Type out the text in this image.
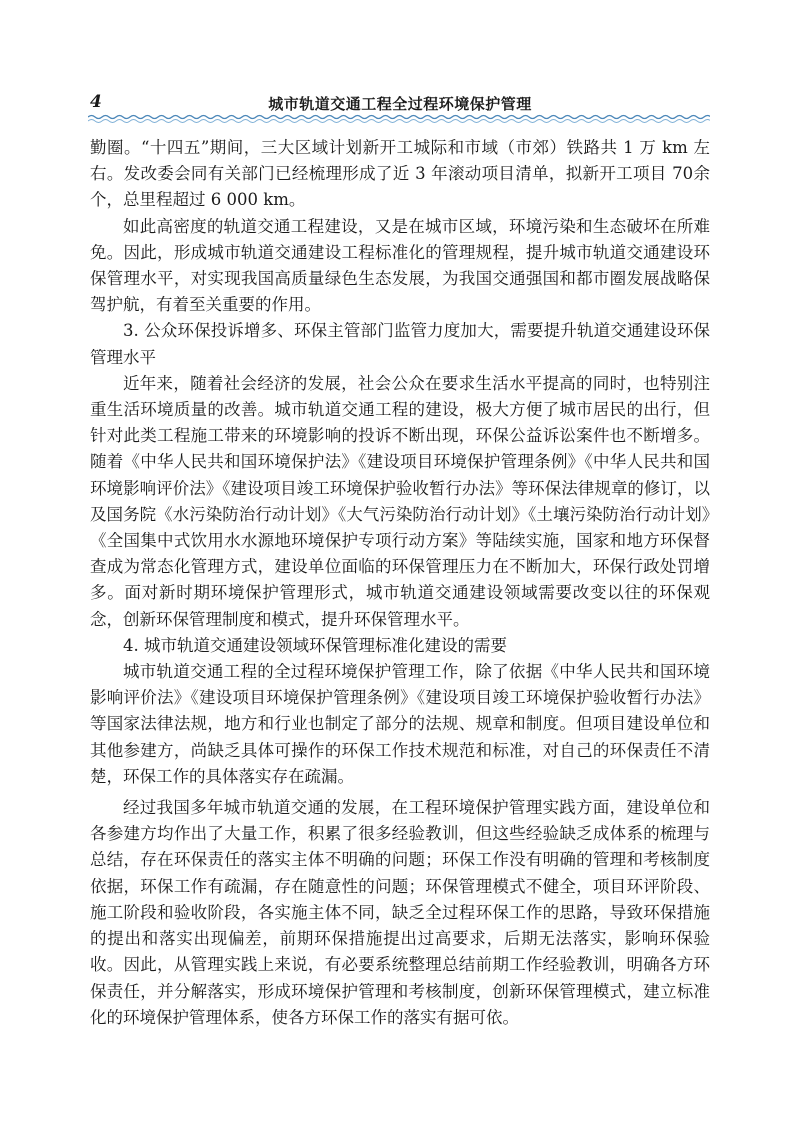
4	城市轨道交通工程全过程环境保护管理

勤圈。“十四五”期间，三大区域计划新开工城际和市域（市郊）铁路共 1 万 km 左右。发改委会同有关部门已经梳理形成了近 3 年滚动项目清单，拟新开工项目 70余个，总里程超过 6 000 km。

如此高密度的轨道交通工程建设，又是在城市区域，环境污染和生态破坏在所难免。因此，形成城市轨道交通建设工程标准化的管理规程，提升城市轨道交通建设环保管理水平，对实现我国高质量绿色生态发展，为我国交通强国和都市圈发展战略保驾护航，有着至关重要的作用。

3. 公众环保投诉增多、环保主管部门监管力度加大，需要提升轨道交通建设环保管理水平

近年来，随着社会经济的发展，社会公众在要求生活水平提高的同时，也特别注重生活环境质量的改善。城市轨道交通工程的建设，极大方便了城市居民的出行，但针对此类工程施工带来的环境影响的投诉不断出现，环保公益诉讼案件也不断增多。随着《中华人民共和国环境保护法》《建设项目环境保护管理条例》《中华人民共和国环境影响评价法》《建设项目竣工环境保护验收暂行办法》等环保法律规章的修订，以及国务院《水污染防治行动计划》《大气污染防治行动计划》《土壤污染防治行动计划》《全国集中式饮用水水源地环境保护专项行动方案》等陆续实施，国家和地方环保督查成为常态化管理方式，建设单位面临的环保管理压力在不断加大，环保行政处罚增多。面对新时期环境保护管理形式，城市轨道交通建设领域需要改变以往的环保观念，创新环保管理制度和模式，提升环保管理水平。

4. 城市轨道交通建设领域环保管理标准化建设的需要

城市轨道交通工程的全过程环境保护管理工作，除了依据《中华人民共和国环境影响评价法》《建设项目环境保护管理条例》《建设项目竣工环境保护验收暂行办法》等国家法律法规，地方和行业也制定了部分的法规、规章和制度。但项目建设单位和其他参建方，尚缺乏具体可操作的环保工作技术规范和标准，对自己的环保责任不清楚，环保工作的具体落实存在疏漏。

经过我国多年城市轨道交通的发展，在工程环境保护管理实践方面，建设单位和各参建方均作出了大量工作，积累了很多经验教训，但这些经验缺乏成体系的梳理与总结，存在环保责任的落实主体不明确的问题；环保工作没有明确的管理和考核制度依据，环保工作有疏漏，存在随意性的问题；环保管理模式不健全，项目环评阶段、施工阶段和验收阶段，各实施主体不同，缺乏全过程环保工作的思路，导致环保措施的提出和落实出现偏差，前期环保措施提出过高要求，后期无法落实，影响环保验收。因此，从管理实践上来说，有必要系统整理总结前期工作经验教训，明确各方环保责任，并分解落实，形成环境保护管理和考核制度，创新环保管理模式，建立标准化的环境保护管理体系，使各方环保工作的落实有据可依。
